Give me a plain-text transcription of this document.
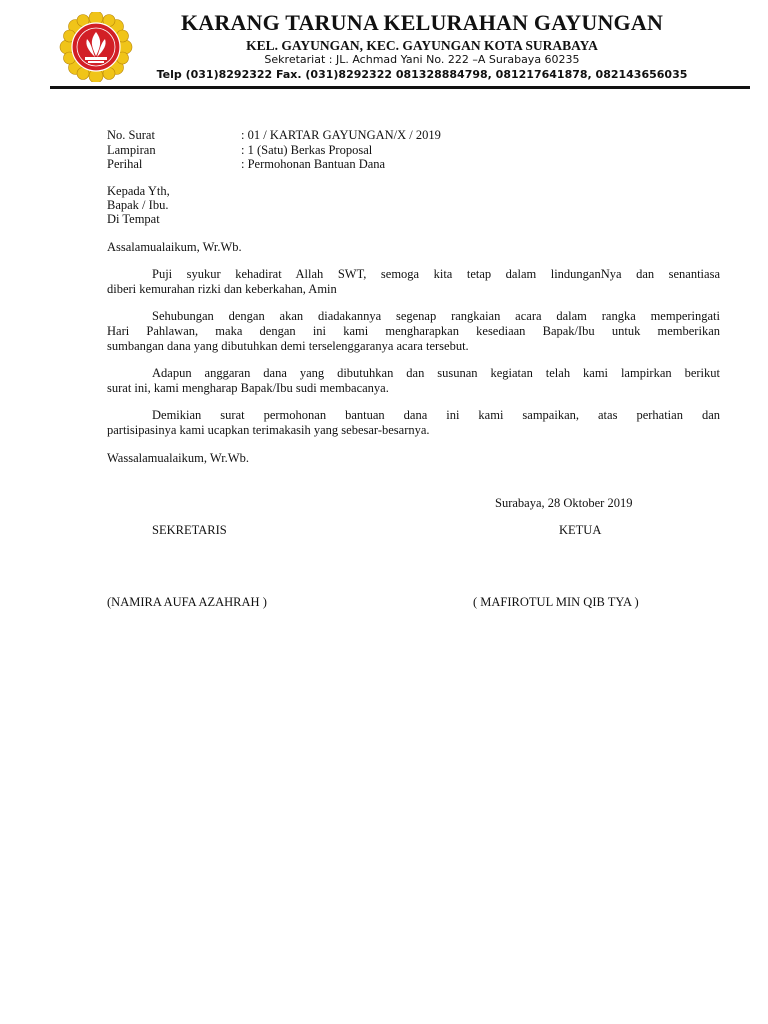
KARANG TARUNA KELURAHAN GAYUNGAN
KEL. GAYUNGAN, KEC. GAYUNGAN KOTA SURABAYA
Sekretariat : JL. Achmad Yani No. 222 –A Surabaya 60235
Telp (031)8292322 Fax. (031)8292322 081328884798, 081217641878, 082143656035
No. Surat	: 01 / KARTAR GAYUNGAN/X / 2019
Lampiran	: 1 (Satu) Berkas Proposal
Perihal	: Permohonan Bantuan Dana
Kepada Yth,
Bapak / Ibu.
Di Tempat
Assalamualaikum, Wr.Wb.
Puji syukur kehadirat Allah SWT, semoga kita tetap dalam lindunganNya dan senantiasa
diberi kemurahan rizki dan keberkahan, Amin
Sehubungan dengan akan diadakannya segenap rangkaian acara dalam rangka memperingati
Hari Pahlawan, maka dengan ini kami mengharapkan kesediaan Bapak/Ibu untuk memberikan
sumbangan dana yang dibutuhkan demi terselenggaranya acara tersebut.
Adapun anggaran dana yang dibutuhkan dan susunan kegiatan telah kami lampirkan berikut
surat ini, kami mengharap Bapak/Ibu sudi membacanya.
Demikian surat permohonan bantuan dana ini kami sampaikan, atas perhatian dan
partisipasinya kami ucapkan terimakasih yang sebesar-besarnya.
Wassalamualaikum, Wr.Wb.
Surabaya, 28 Oktober 2019
SEKRETARIS	KETUA
(NAMIRA AUFA AZAHRAH )	( MAFIROTUL MIN QIB TYA )
